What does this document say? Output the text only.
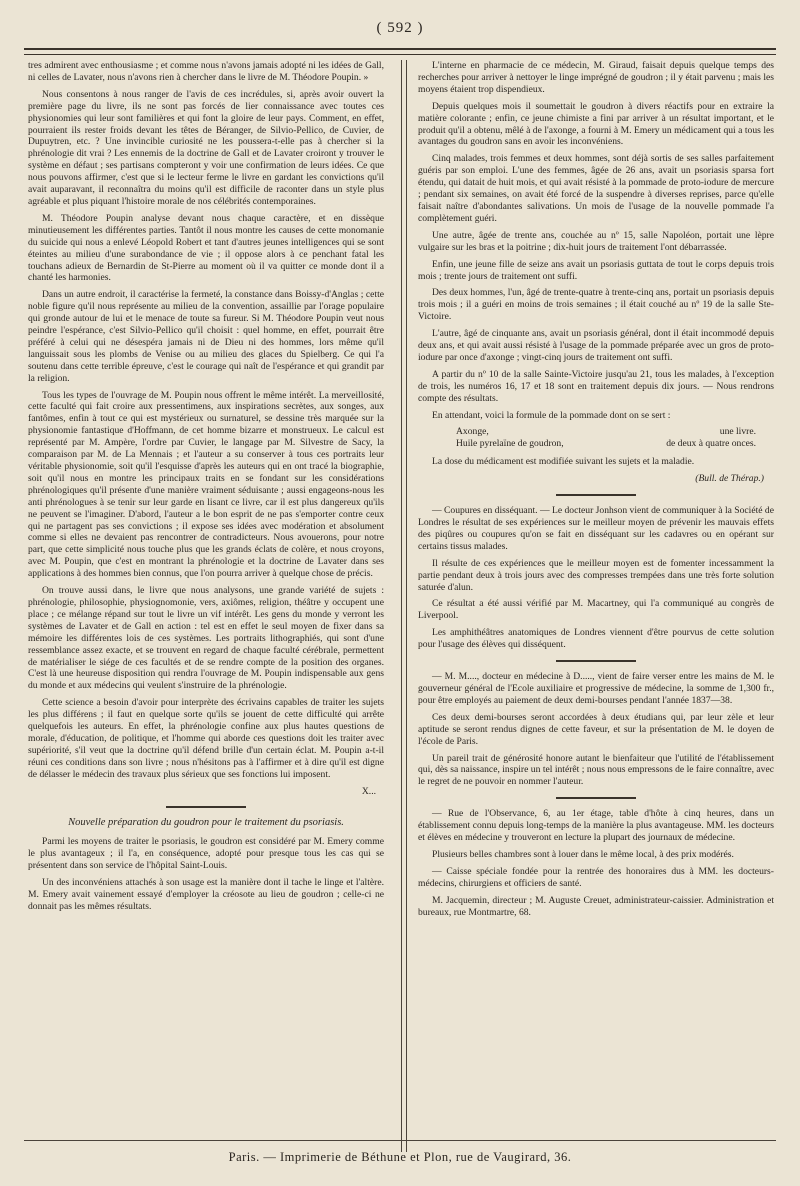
( 592 )

tres admirent avec enthousiasme ; et comme nous n'avons jamais adopté ni les idées de Gall, ni celles de Lavater, nous n'avons rien à chercher dans le livre de M. Théodore Poupin. »

Nous consentons à nous ranger de l'avis de ces incrédules, si, après avoir ouvert la première page du livre, ils ne sont pas forcés de lier connaissance avec toutes ces physionomies qui leur sont familières et qui font la gloire de leur pays. Comment, en effet, pourraient ils rester froids devant les têtes de Béranger, de Silvio-Pellico, de Cuvier, de Dupuytren, etc. ? Une invincible curiosité ne les poussera-t-elle pas à chercher si la phrénologie dit vrai ? Les ennemis de la doctrine de Gall et de Lavater croiront y trouver le système en défaut ; ses partisans compteront y voir une confirmation de leurs idées. Ce que nous pouvons affirmer, c'est que si le lecteur ferme le livre en gardant les convictions qu'il avait auparavant, il reconnaîtra du moins qu'il est difficile de raconter dans un style plus agréable et plus piquant l'histoire morale de nos célébrités contemporaines.

M. Théodore Poupin analyse devant nous chaque caractère, et en dissèque minutieusement les différentes parties. Tantôt il nous montre les causes de cette monomanie du suicide qui nous a enlevé Léopold Robert et tant d'autres jeunes intelligences qui se sont éteintes au milieu d'une surabondance de vie ; il oppose alors à ce penchant fatal les touchans adieux de Bernardin de St-Pierre au moment où il va quitter ce monde dont il a chanté les harmonies.

Dans un autre endroit, il caractérise la fermeté, la constance dans Boissy-d'Anglas ; cette noble figure qu'il nous représente au milieu de la convention, assaillie par l'orage populaire qui gronde autour de lui et le menace de toute sa fureur. Si M. Théodore Poupin veut nous peindre l'espérance, c'est Silvio-Pellico qu'il choisit : quel homme, en effet, pourrait être préféré à celui qui ne désespéra jamais ni de Dieu ni des hommes, lors même qu'il languissait sous les plombs de Venise ou au milieu des glaces du Spielberg. Ce qui l'a soutenu dans cette terrible épreuve, c'est le courage qui naît de l'espérance et qui grandit par la religion.

Tous les types de l'ouvrage de M. Poupin nous offrent le même intérêt. La merveillosité, cette faculté qui fait croire aux pressentimens, aux inspirations secrètes, aux songes, aux fantômes, enfin à tout ce qui est mystérieux ou surnaturel, se dessine très marquée sur la physionomie fantastique d'Hoffmann, de cet homme bizarre et monstrueux. Le calcul est représenté par M. Ampère, l'ordre par Cuvier, le langage par M. Silvestre de Sacy, la comparaison par M. de La Mennais ; et l'auteur a su conserver à tous ces portraits leur véritable physionomie, soit qu'il l'esquisse d'après les auteurs qui en ont tracé la biographie, soit qu'il nous en montre les principaux traits en se fondant sur les considérations phrénologiques qu'il présente d'une manière vraiment séduisante ; aussi engageons-nous les anti phrénologues à se tenir sur leur garde en lisant ce livre, car il est plus dangereux qu'ils ne peuvent se l'imaginer. D'abord, l'auteur a le bon esprit de ne pas s'emporter contre ceux qui ne partagent pas ses convictions ; il expose ses idées avec modération et absolument comme si elles ne devaient pas rencontrer de contradicteurs. Nous avouerons, pour notre part, que cette simplicité nous touche plus que les grands éclats de colère, et nous croyons, avec M. Poupin, que c'est en montrant la phrénologie et la doctrine de Lavater dans ses applications à des hommes bien connus, que l'on pourra arriver à quelque chose de précis.

On trouve aussi dans, le livre que nous analysons, une grande variété de sujets : phrénologie, philosophie, physiognomonie, vers, axiômes, religion, théâtre y occupent une place ; ce mélange répand sur tout le livre un vif intérêt. Les gens du monde y verront les systèmes de Lavater et de Gall en action : tel est en effet le seul moyen de fixer dans sa mémoire les différentes lois de ces systèmes. Les portraits lithographiés, qui sont d'une ressemblance assez exacte, et se trouvent en regard de chaque faculté cérébrale, permettent de matérialiser le siége de ces facultés et de se rendre compte de la position des organes. C'est là une heureuse disposition qui rendra l'ouvrage de M. Poupin indispensable aux gens du monde et aux médecins qui veulent s'instruire de la phrénologie.

Cette science a besoin d'avoir pour interprète des écrivains capables de traiter les sujets les plus différens ; il faut en quelque sorte qu'ils se jouent de cette difficulté qui arrête quelquefois les auteurs. En effet, la phrénologie confine aux plus hautes questions de morale, d'éducation, de politique, et l'homme qui aborde ces questions doit les traiter avec supériorité, s'il veut que la doctrine qu'il défend brille d'un certain éclat. M. Poupin a-t-il réuni ces conditions dans son livre ; nous n'hésitons pas à l'affirmer et à dire qu'il est digne de délasser le médecin des travaux plus sérieux que ses fonctions lui imposent.

X...
Nouvelle préparation du goudron pour le traitement du psoriasis.

Parmi les moyens de traiter le psoriasis, le goudron est considéré par M. Emery comme le plus avantageux ; il l'a, en conséquence, adopté pour presque tous les cas qui se présentent dans son service de l'hôpital Saint-Louis.

Un des inconvéniens attachés à son usage est la manière dont il tache le linge et l'altère. M. Emery avait vainement essayé d'employer la créosote au lieu de goudron ; celle-ci ne donnait pas les mêmes résultats.

L'interne en pharmacie de ce médecin, M. Giraud, faisait depuis quelque temps des recherches pour arriver à nettoyer le linge imprégné de goudron ; il y était parvenu ; mais les moyens étaient trop dispendieux.

Depuis quelques mois il soumettait le goudron à divers réactifs pour en extraire la matière colorante ; enfin, ce jeune chimiste a fini par arriver à un résultat important, et le produit qu'il a obtenu, mêlé à de l'axonge, a fourni à M. Emery un médicament qui a tous les avantages du goudron sans en avoir les inconvéniens.

Cinq malades, trois femmes et deux hommes, sont déjà sortis de ses salles parfaitement guéris par son emploi. L'une des femmes, âgée de 26 ans, avait un psoriasis sparsa fort étendu, qui datait de huit mois, et qui avait résisté à la pommade de proto-iodure de mercure ; pendant six semaines, on avait été forcé de la suspendre à diverses reprises, parce qu'elle faisait naître d'abondantes salivations. Un mois de l'usage de la nouvelle pommade l'a complètement guéri.

Une autre, âgée de trente ans, couchée au nº 15, salle Napoléon, portait une lèpre vulgaire sur les bras et la poitrine ; dix-huit jours de traitement l'ont débarrassée.

Enfin, une jeune fille de seize ans avait un psoriasis guttata de tout le corps depuis trois mois ; trente jours de traitement ont suffi.

Des deux hommes, l'un, âgé de trente-quatre à trente-cinq ans, portait un psoriasis depuis trois mois ; il a guéri en moins de trois semaines ; il était couché au nº 19 de la salle Ste-Victoire.

L'autre, âgé de cinquante ans, avait un psoriasis général, dont il était incommodé depuis deux ans, et qui avait aussi résisté à l'usage de la pommade préparée avec un gros de proto-iodure par once d'axonge ; vingt-cinq jours de traitement ont suffi.

A partir du nº 10 de la salle Sainte-Victoire jusqu'au 21, tous les malades, à l'exception de trois, les numéros 16, 17 et 18 sont en traitement depuis dix jours. — Nous rendrons compte des résultats.

En attendant, voici la formule de la pommade dont on se sert :

Axonge,	une livre.
Huile pyrelaïne de goudron,	de deux à quatre onces.

La dose du médicament est modifiée suivant les sujets et la maladie.

(Bull. de Thérap.)

— Coupures en disséquant. — Le docteur Jonhson vient de communiquer à la Société de Londres le résultat de ses expériences sur le meilleur moyen de prévenir les mauvais effets des piqûres ou coupures qu'on se fait en disséquant sur les cadavres ou en opérant sur certains tissus malades.

Il résulte de ces expériences que le meilleur moyen est de fomenter incessamment la partie pendant deux à trois jours avec des compresses trempées dans une très forte solution saturée d'alun.

Ce résultat a été aussi vérifié par M. Macartney, qui l'a communiqué au congrès de Liverpool.

Les amphithéâtres anatomiques de Londres viennent d'être pourvus de cette solution pour l'usage des élèves qui disséquent.

— M. M...., docteur en médecine à D....., vient de faire verser entre les mains de M. le gouverneur général de l'Ecole auxiliaire et progressive de médecine, la somme de 1,300 fr., pour être employés au paiement de deux demi-bourses pendant l'année 1837—38.

Ces deux demi-bourses seront accordées à deux étudians qui, par leur zèle et leur aptitude se seront rendus dignes de cette faveur, et sur la présentation de M. le doyen de l'école de Paris.

Un pareil trait de générosité honore autant le bienfaiteur que l'utilité de l'établissement qui, dès sa naissance, inspire un tel intérêt ; nous nous empressons de le faire connaître, avec le regret de ne pouvoir en nommer l'auteur.

— Rue de l'Observance, 6, au 1er étage, table d'hôte à cinq heures, dans un établissement connu depuis long-temps de la manière la plus avantageuse. MM. les docteurs et élèves en médecine y trouveront en lecture la plupart des journaux de médecine.

Plusieurs belles chambres sont à louer dans le même local, à des prix modérés.

— Caisse spéciale fondée pour la rentrée des honoraires dus à MM. les docteurs-médecins, chirurgiens et officiers de santé.

M. Jacquemin, directeur ; M. Auguste Creuet, administrateur-caissier. Administration et bureaux, rue Montmartre, 68.

Paris. — Imprimerie de Béthune et Plon, rue de Vaugirard, 36.
